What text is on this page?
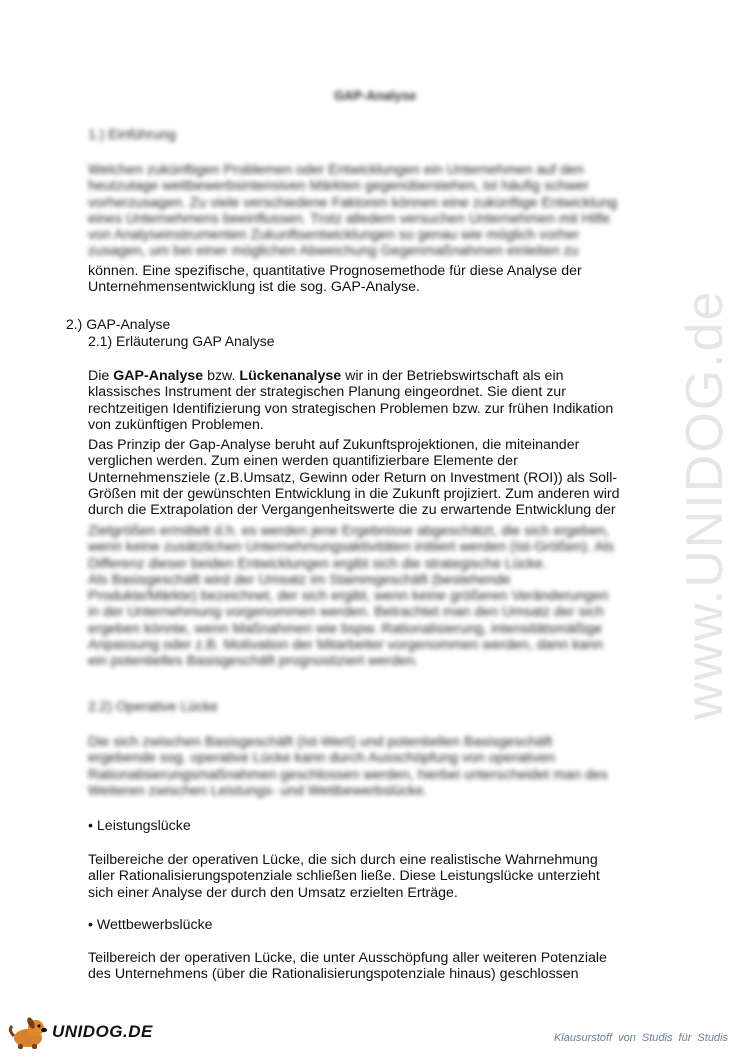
www.UNIDOG.de
GAP-Analyse
1.) Einführung
Welchen zukünftigen Problemen oder Entwicklungen ein Unternehmen auf den
heutzutage wettbewerbsintensiven Märkten gegenüberstehen, ist häufig schwer
vorherzusagen. Zu viele verschiedene Faktoren können eine zukünftige Entwicklung
eines Unternehmens beeinflussen. Trotz alledem versuchen Unternehmen mit Hilfe
von Analyseinstrumenten Zukunftsentwicklungen so genau wie möglich vorher
zusagen, um bei einer möglichen Abweichung Gegenmaßnahmen einleiten zu
können. Eine spezifische, quantitative Prognosemethode für diese Analyse der
Unternehmensentwicklung ist die sog. GAP-Analyse.
2.) GAP-Analyse
2.1) Erläuterung GAP Analyse
Die GAP-Analyse bzw. Lückenanalyse wir in der Betriebswirtschaft als ein
klassisches Instrument der strategischen Planung eingeordnet. Sie dient zur
rechtzeitigen Identifizierung von strategischen Problemen bzw. zur frühen Indikation
von zukünftigen Problemen.
Das Prinzip der Gap-Analyse beruht auf Zukunftsprojektionen, die miteinander
verglichen werden. Zum einen werden quantifizierbare Elemente der
Unternehmensziele (z.B.Umsatz, Gewinn oder Return on Investment (ROI)) als Soll-
Größen mit der gewünschten Entwicklung in die Zukunft projiziert. Zum anderen wird
durch die Extrapolation der Vergangenheitswerte die zu erwartende Entwicklung der
Zielgrößen ermittelt d.h. es werden jene Ergebnisse abgeschätzt, die sich ergeben,
wenn keine zusätzlichen Unternehmungsaktivitäten initiiert werden (Ist-Größen). Als
Differenz dieser beiden Entwicklungen ergibt sich die strategische Lücke.
Als Basisgeschäft wird der Umsatz im Stammgeschäft (bestehende
Produkte/Märkte) bezeichnet, der sich ergibt, wenn keine größeren Veränderungen
in der Unternehmung vorgenommen werden. Betrachtet man den Umsatz der sich
ergeben könnte, wenn Maßnahmen wie bspw. Rationalisierung, intensitätsmäßige
Anpassung oder z.B. Motivation der Mitarbeiter vorgenommen werden, dann kann
ein potentielles Basisgeschäft prognostiziert werden.
2.2) Operative Lücke
Die sich zwischen Basisgeschäft (Ist-Wert) und potentiellen Basisgeschäft
ergebende sog. operative Lücke kann durch Ausschöpfung von operativen
Rationalisierungsmaßnahmen geschlossen werden, hierbei unterscheidet man des
Weiteren zwischen Leistungs- und Wettbewerbslücke.
• Leistungslücke
Teilbereiche der operativen Lücke, die sich durch eine realistische Wahrnehmung
aller Rationalisierungspotenziale schließen ließe. Diese Leistungslücke unterzieht
sich einer Analyse der durch den Umsatz erzielten Erträge.
• Wettbewerbslücke
Teilbereich der operativen Lücke, die unter Ausschöpfung aller weiteren Potenziale
des Unternehmens (über die Rationalisierungspotenziale hinaus) geschlossen
UNIDOG.DE	Klausurstoff von Studis für Studis
